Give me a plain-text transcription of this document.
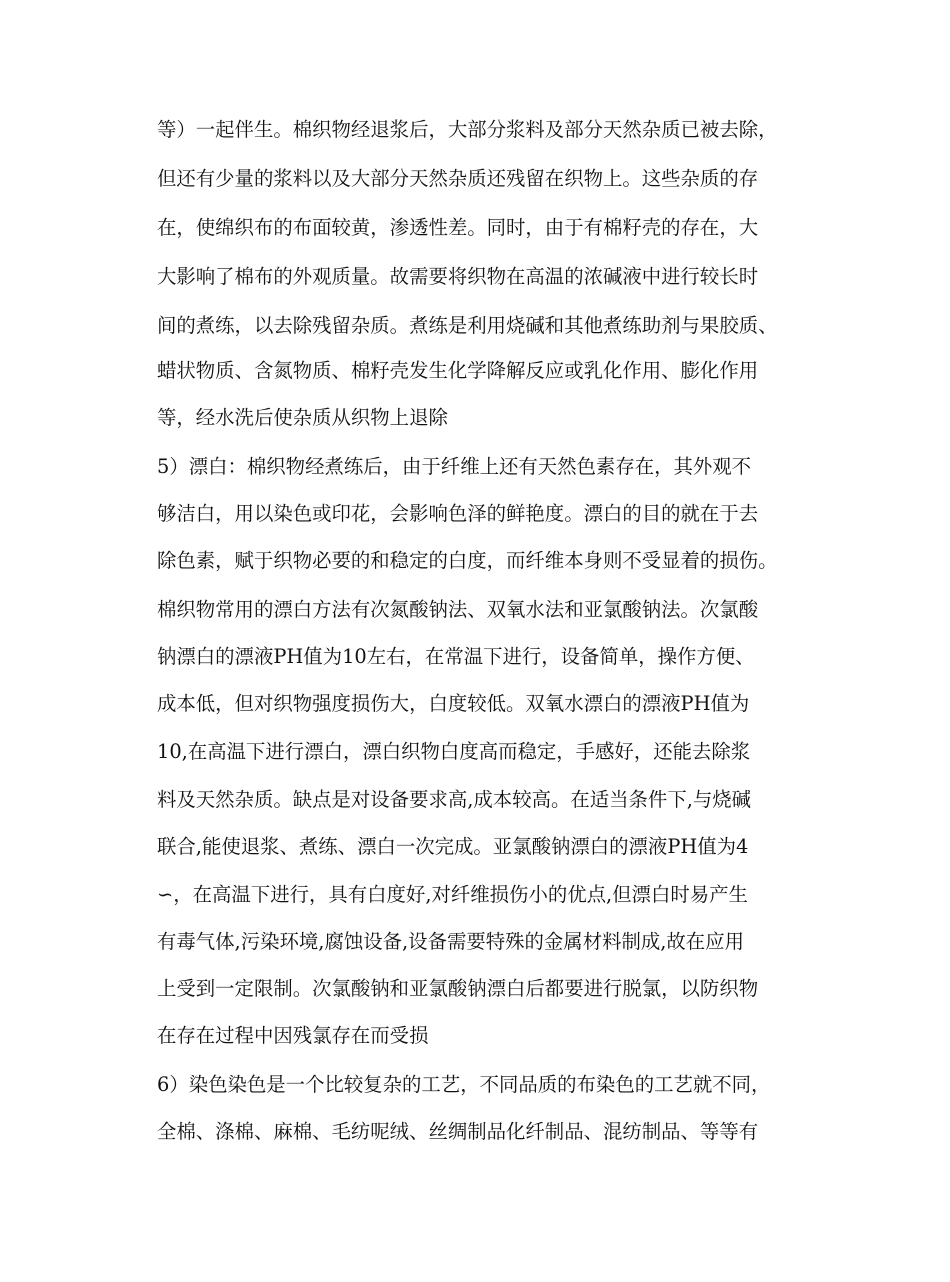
等）一起伴生。棉织物经退浆后，大部分浆料及部分天然杂质已被去除，
但还有少量的浆料以及大部分天然杂质还残留在织物上。这些杂质的存
在，使绵织布的布面较黄，渗透性差。同时，由于有棉籽壳的存在，大
大影响了棉布的外观质量。故需要将织物在高温的浓碱液中进行较长时
间的煮练，以去除残留杂质。煮练是利用烧碱和其他煮练助剂与果胶质、
蜡状物质、含氮物质、棉籽壳发生化学降解反应或乳化作用、膨化作用
等，经水洗后使杂质从织物上退除
5）漂白：棉织物经煮练后，由于纤维上还有天然色素存在，其外观不
够洁白，用以染色或印花，会影响色泽的鲜艳度。漂白的目的就在于去
除色素，赋于织物必要的和稳定的白度，而纤维本身则不受显着的损伤。
棉织物常用的漂白方法有次氮酸钠法、双氧水法和亚氯酸钠法。次氯酸
钠漂白的漂液PH值为10左右，在常温下进行，设备简单，操作方便、
成本低，但对织物强度损伤大，白度较低。双氧水漂白的漂液PH值为
10,在高温下进行漂白，漂白织物白度高而稳定，手感好，还能去除浆
料及天然杂质。缺点是对设备要求高,成本较高。在适当条件下,与烧碱
联合,能使退浆、煮练、漂白一次完成。亚氯酸钠漂白的漂液PH值为4
∽，在高温下进行，具有白度好,对纤维损伤小的优点,但漂白时易产生
有毒气体,污染环境,腐蚀设备,设备需要特殊的金属材料制成,故在应用
上受到一定限制。次氯酸钠和亚氯酸钠漂白后都要进行脱氯，以防织物
在存在过程中因残氯存在而受损
6）染色染色是一个比较复杂的工艺，不同品质的布染色的工艺就不同，
全棉、涤棉、麻棉、毛纺呢绒、丝绸制品化纤制品、混纺制品、等等有
